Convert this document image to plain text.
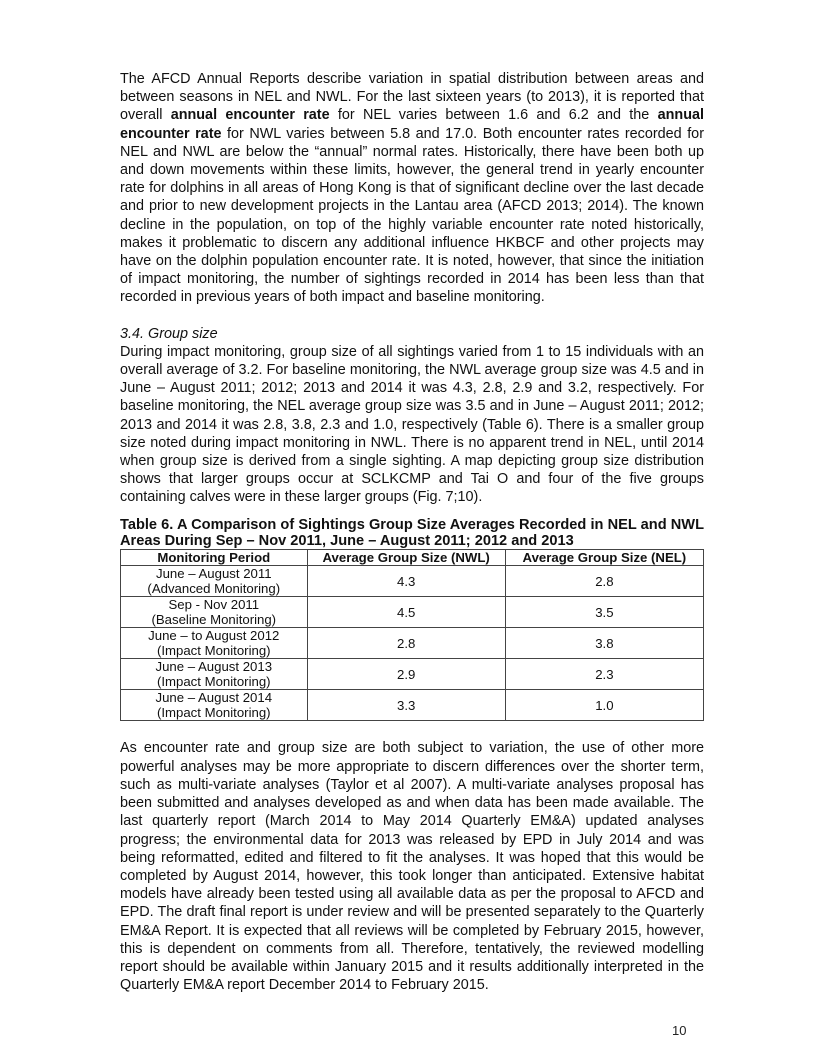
The AFCD Annual Reports describe variation in spatial distribution between areas and between seasons in NEL and NWL. For the last sixteen years (to 2013), it is reported that overall annual encounter rate for NEL varies between 1.6 and 6.2 and the annual encounter rate for NWL varies between 5.8 and 17.0. Both encounter rates recorded for NEL and NWL are below the “annual” normal rates. Historically, there have been both up and down movements within these limits, however, the general trend in yearly encounter rate for dolphins in all areas of Hong Kong is that of significant decline over the last decade and prior to new development projects in the Lantau area (AFCD 2013; 2014). The known decline in the population, on top of the highly variable encounter rate noted historically, makes it problematic to discern any additional influence HKBCF and other projects may have on the dolphin population encounter rate. It is noted, however, that since the initiation of impact monitoring, the number of sightings recorded in 2014 has been less than that recorded in previous years of both impact and baseline monitoring.

3.4. Group size

During impact monitoring, group size of all sightings varied from 1 to 15 individuals with an overall average of 3.2. For baseline monitoring, the NWL average group size was 4.5 and in June – August 2011; 2012; 2013 and 2014 it was 4.3, 2.8, 2.9 and 3.2, respectively. For baseline monitoring, the NEL average group size was 3.5 and in June – August 2011; 2012; 2013 and 2014 it was 2.8, 3.8, 2.3 and 1.0, respectively (Table 6). There is a smaller group size noted during impact monitoring in NWL. There is no apparent trend in NEL, until 2014 when group size is derived from a single sighting. A map depicting group size distribution shows that larger groups occur at SCLKCMP and Tai O and four of the five groups containing calves were in these larger groups (Fig. 7;10).

Table 6. A Comparison of Sightings Group Size Averages Recorded in NEL and NWL Areas During Sep – Nov 2011, June – August 2011; 2012 and 2013

Monitoring Period	Average Group Size (NWL)	Average Group Size (NEL)

June – August 2011
(Advanced Monitoring)	4.3	2.8

Sep - Nov 2011
(Baseline Monitoring)	4.5	3.5

June – to August 2012
(Impact Monitoring)	2.8	3.8

June – August 2013
(Impact Monitoring)	2.9	2.3

June – August 2014
(Impact Monitoring)	3.3	1.0

As encounter rate and group size are both subject to variation, the use of other more powerful analyses may be more appropriate to discern differences over the shorter term, such as multi-variate analyses (Taylor et al 2007). A multi-variate analyses proposal has been submitted and analyses developed as and when data has been made available. The last quarterly report (March 2014 to May 2014 Quarterly EM&A) updated analyses progress; the environmental data for 2013 was released by EPD in July 2014 and was being reformatted, edited and filtered to fit the analyses. It was hoped that this would be completed by August 2014, however, this took longer than anticipated. Extensive habitat models have already been tested using all available data as per the proposal to AFCD and EPD. The draft final report is under review and will be presented separately to the Quarterly EM&A Report. It is expected that all reviews will be completed by February 2015, however, this is dependent on comments from all. Therefore, tentatively, the reviewed modelling report should be available within January 2015 and it results additionally interpreted in the Quarterly EM&A report December 2014 to February 2015.

10
